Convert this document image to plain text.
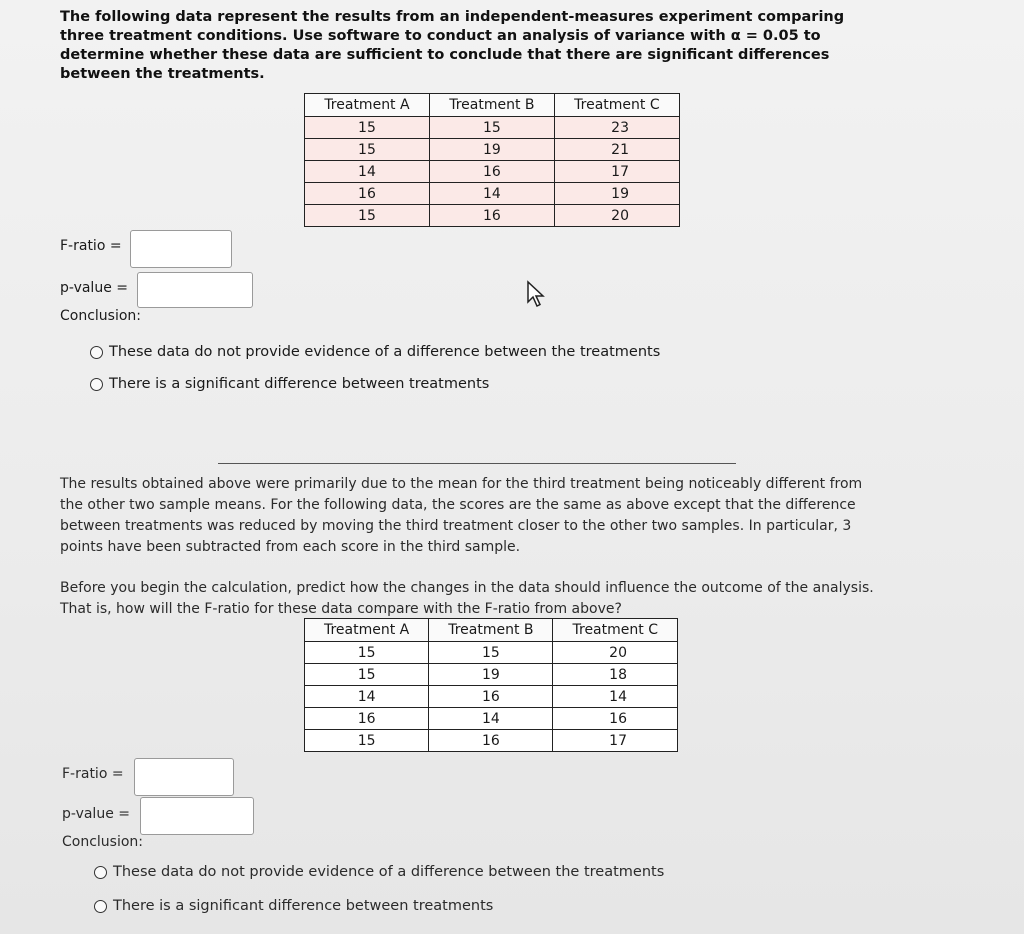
The following data represent the results from an independent-measures experiment comparing three treatment conditions. Use software to conduct an analysis of variance with α = 0.05 to determine whether these data are sufficient to conclude that there are significant differences between the treatments.
Treatment A	Treatment B	Treatment C
15	15	23
15	19	21
14	16	17
16	14	19
15	16	20
F-ratio =
p-value =
Conclusion:
These data do not provide evidence of a difference between the treatments
There is a significant difference between treatments
The results obtained above were primarily due to the mean for the third treatment being noticeably different from the other two sample means. For the following data, the scores are the same as above except that the difference between treatments was reduced by moving the third treatment closer to the other two samples. In particular, 3 points have been subtracted from each score in the third sample.
Before you begin the calculation, predict how the changes in the data should influence the outcome of the analysis. That is, how will the F-ratio for these data compare with the F-ratio from above?
Treatment A	Treatment B	Treatment C
15	15	20
15	19	18
14	16	14
16	14	16
15	16	17
F-ratio =
p-value =
Conclusion:
These data do not provide evidence of a difference between the treatments
There is a significant difference between treatments
